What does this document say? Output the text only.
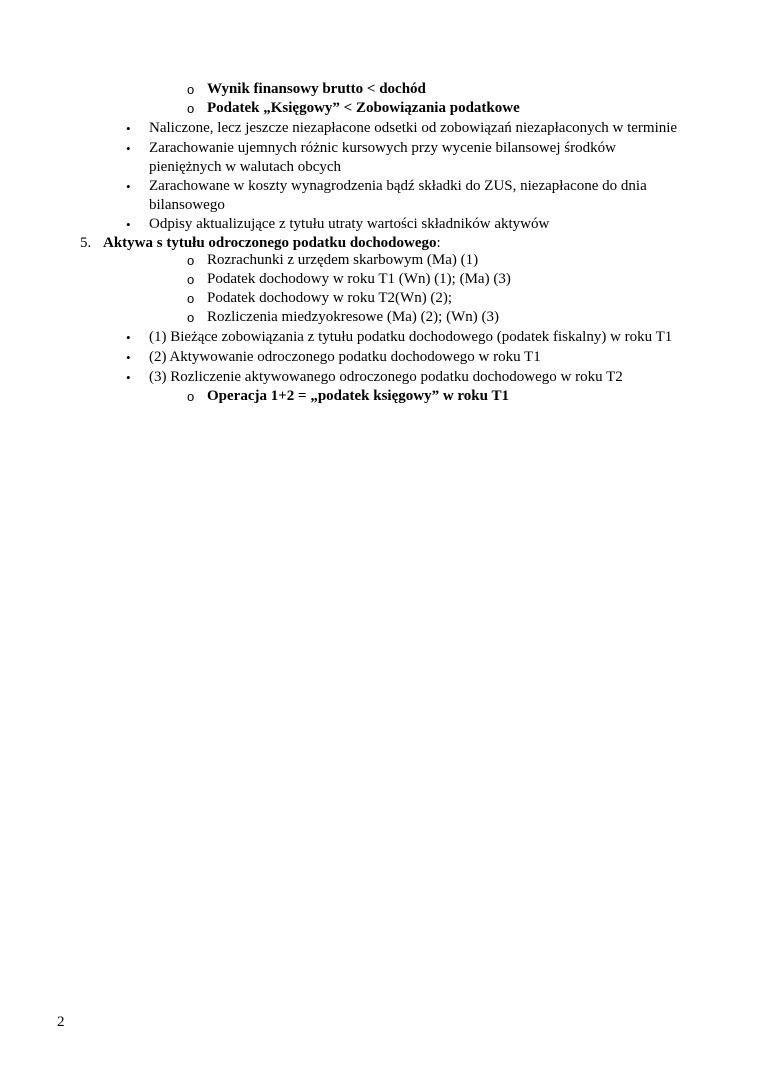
o Wynik finansowy brutto < dochód
o Podatek „Księgowy” < Zobowiązania podatkowe
• Naliczone, lecz jeszcze niezapłacone odsetki od zobowiązań niezapłaconych w terminie
• Zarachowanie ujemnych różnic kursowych przy wycenie bilansowej środków
pieniężnych w walutach obcych
• Zarachowane w koszty wynagrodzenia bądź składki do ZUS, niezapłacone do dnia
bilansowego
• Odpisy aktualizujące z tytułu utraty wartości składników aktywów
5. Aktywa s tytułu odroczonego podatku dochodowego:
o Rozrachunki z urzędem skarbowym (Ma) (1)
o Podatek dochodowy w roku T1 (Wn) (1); (Ma) (3)
o Podatek dochodowy w roku T2(Wn) (2);
o Rozliczenia miedzyokresowe (Ma) (2); (Wn) (3)
• (1) Bieżące zobowiązania z tytułu podatku dochodowego (podatek fiskalny) w roku T1
• (2) Aktywowanie odroczonego podatku dochodowego w roku T1
• (3) Rozliczenie aktywowanego odroczonego podatku dochodowego w roku T2
o Operacja 1+2 = „podatek księgowy” w roku T1
2
